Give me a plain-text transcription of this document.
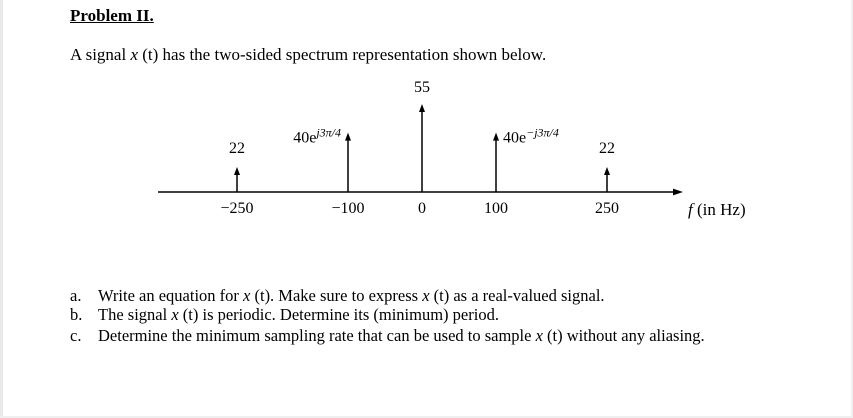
Problem II.
A signal x (t) has the two-sided spectrum representation shown below.
−250
22
−100
$40e^{j3\pi/4}$
0
55
100
$40e^{-j3\pi/4}$
250
22
f (in Hz)
a. Write an equation for x (t). Make sure to express x (t) as a real-valued signal.
b. The signal x (t) is periodic. Determine its (minimum) period.
c. Determine the minimum sampling rate that can be used to sample x (t) without any aliasing.
